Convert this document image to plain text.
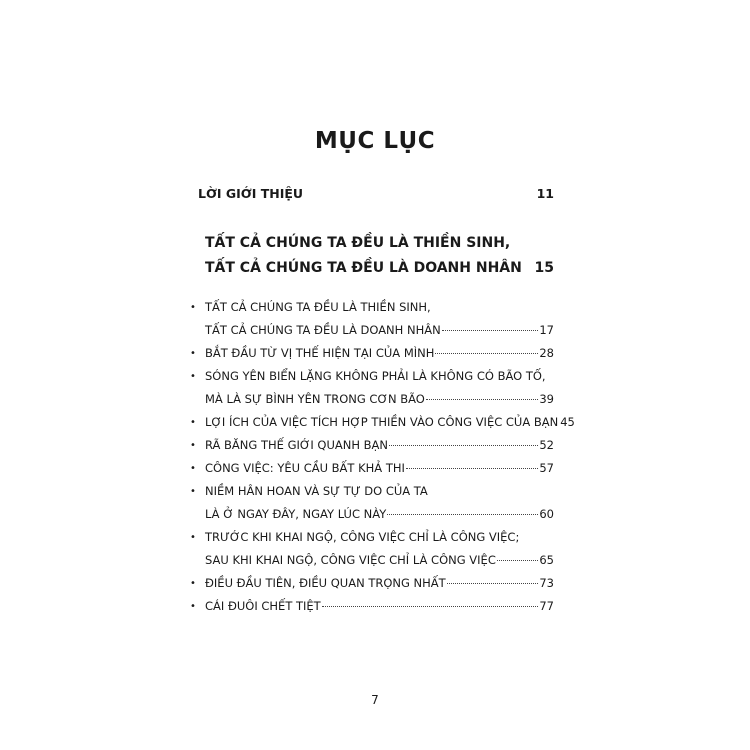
MỤC LỤC
LỜI GIỚI THIỆU	11
TẤT CẢ CHÚNG TA ĐỀU LÀ THIỀN SINH,
TẤT CẢ CHÚNG TA ĐỀU LÀ DOANH NHÂN 15
• TẤT CẢ CHÚNG TA ĐỀU LÀ THIỀN SINH,
TẤT CẢ CHÚNG TA ĐỀU LÀ DOANH NHÂN	17
• BẮT ĐẦU TỪ VỊ THẾ HIỆN TẠI CỦA MÌNH	28
• SÓNG YÊN BIỂN LẶNG KHÔNG PHẢI LÀ KHÔNG CÓ BÃO TỐ,
MÀ LÀ SỰ BÌNH YÊN TRONG CƠN BÃO	39
• LỢI ÍCH CỦA VIỆC TÍCH HỢP THIỀN VÀO CÔNG VIỆC CỦA BẠN 45
• RÃ BĂNG THẾ GIỚI QUANH BẠN	52
• CÔNG VIỆC: YÊU CẦU BẤT KHẢ THI	57
• NIỀM HÂN HOAN VÀ SỰ TỰ DO CỦA TA
LÀ Ở NGAY ĐÂY, NGAY LÚC NÀY	60
• TRƯỚC KHI KHAI NGỘ, CÔNG VIỆC CHỈ LÀ CÔNG VIỆC;
SAU KHI KHAI NGỘ, CÔNG VIỆC CHỈ LÀ CÔNG VIỆC	65
• ĐIỀU ĐẦU TIÊN, ĐIỀU QUAN TRỌNG NHẤT	73
• CÁI ĐUÔI CHẾT TIỆT	77
7
